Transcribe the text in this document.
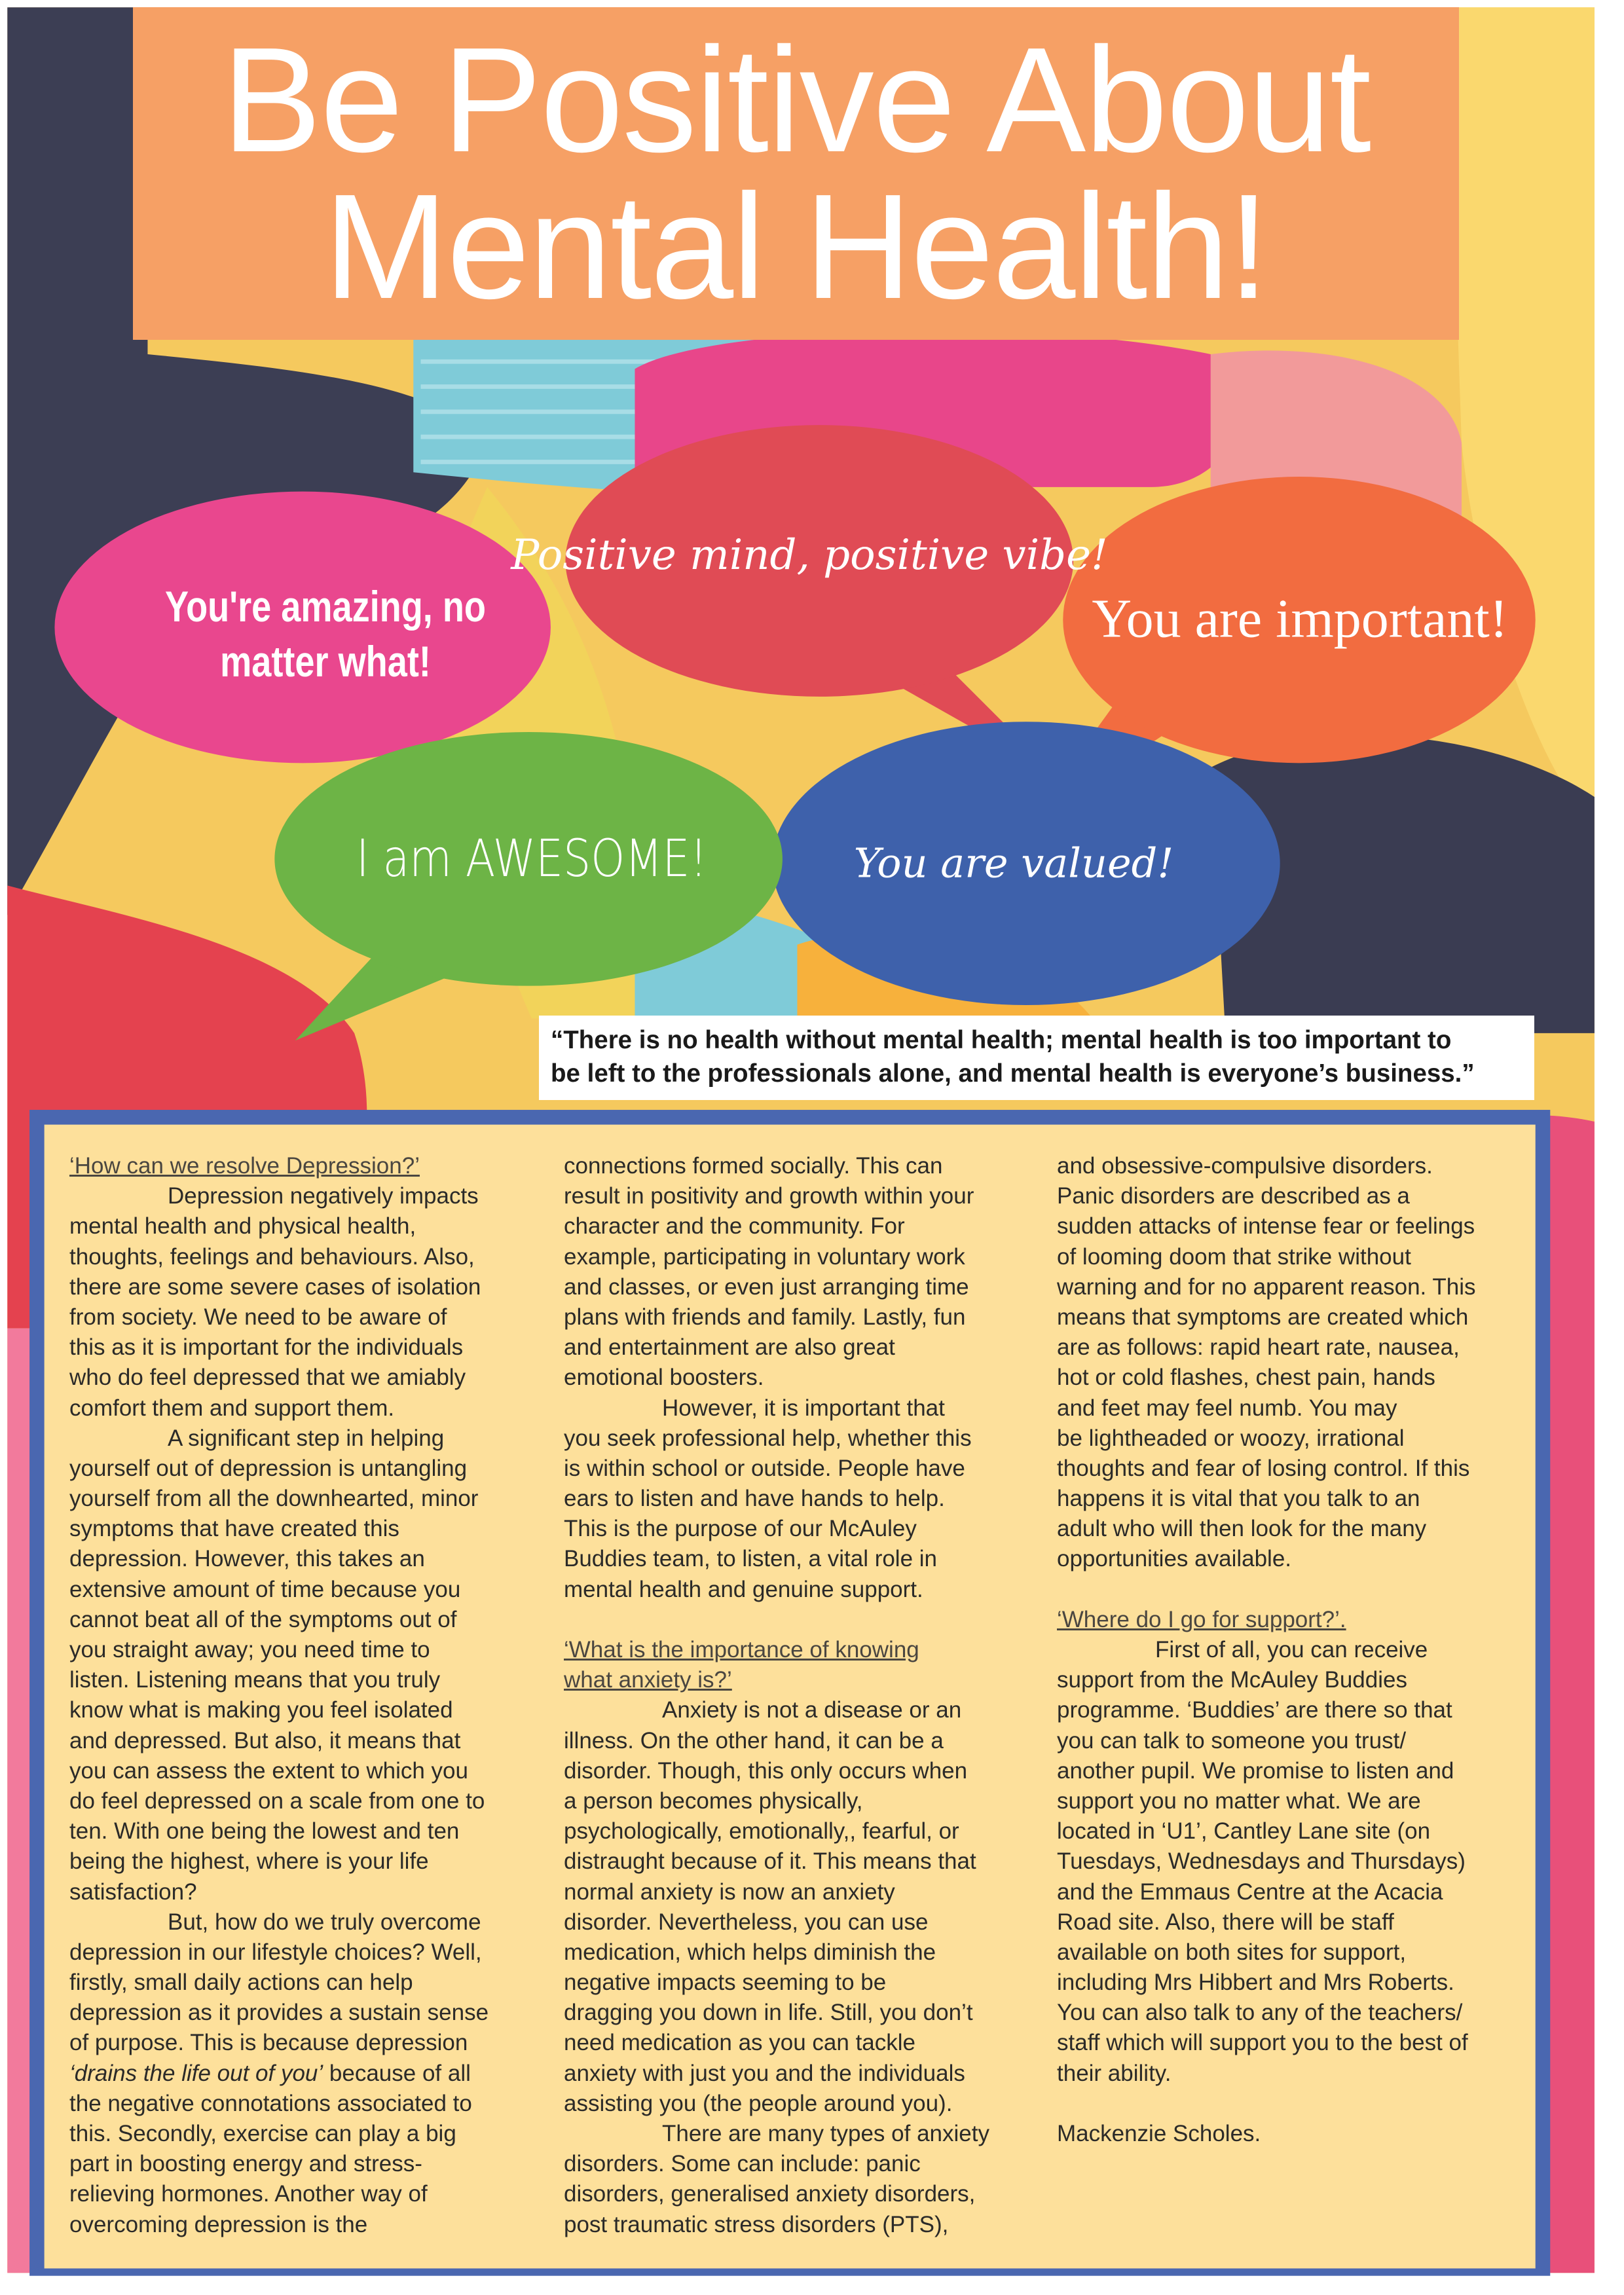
Be Positive About
Mental Health!
You're amazing, no
matter what!
Positive mind, positive vibe!
You are important!
I am AWESOME!	You are valued!
“There is no health without mental health; mental health is too important to
be left to the professionals alone, and mental health is everyone’s business.”
‘How can we resolve Depression?’
Depression negatively impacts
mental health and physical health,
thoughts, feelings and behaviours. Also,
there are some severe cases of isolation
from society. We need to be aware of
this as it is important for the individuals
who do feel depressed that we amiably
comfort them and support them.
A significant step in helping
yourself out of depression is untangling
yourself from all the downhearted, minor
symptoms that have created this
depression. However, this takes an
extensive amount of time because you
cannot beat all of the symptoms out of
you straight away; you need time to
listen. Listening means that you truly
know what is making you feel isolated
and depressed. But also, it means that
you can assess the extent to which you
do feel depressed on a scale from one to
ten. With one being the lowest and ten
being the highest, where is your life
satisfaction?
But, how do we truly overcome
depression in our lifestyle choices? Well,
firstly, small daily actions can help
depression as it provides a sustain sense
of purpose. This is because depression
‘drains the life out of you’ because of all
the negative connotations associated to
this. Secondly, exercise can play a big
part in boosting energy and stress-
relieving hormones. Another way of
overcoming depression is the
connections formed socially. This can
result in positivity and growth within your
character and the community. For
example, participating in voluntary work
and classes, or even just arranging time
plans with friends and family. Lastly, fun
and entertainment are also great
emotional boosters.
However, it is important that
you seek professional help, whether this
is within school or outside. People have
ears to listen and have hands to help.
This is the purpose of our McAuley
Buddies team, to listen, a vital role in
mental health and genuine support.
‘What is the importance of knowing
what anxiety is?’
Anxiety is not a disease or an
illness. On the other hand, it can be a
disorder. Though, this only occurs when
a person becomes physically,
psychologically, emotionally,, fearful, or
distraught because of it. This means that
normal anxiety is now an anxiety
disorder. Nevertheless, you can use
medication, which helps diminish the
negative impacts seeming to be
dragging you down in life. Still, you don’t
need medication as you can tackle
anxiety with just you and the individuals
assisting you (the people around you).
There are many types of anxiety
disorders. Some can include: panic
disorders, generalised anxiety disorders,
post traumatic stress disorders (PTS),
and obsessive-compulsive disorders.
Panic disorders are described as a
sudden attacks of intense fear or feelings
of looming doom that strike without
warning and for no apparent reason. This
means that symptoms are created which
are as follows: rapid heart rate, nausea,
hot or cold flashes, chest pain, hands
and feet may feel numb. You may
be lightheaded or woozy, irrational
thoughts and fear of losing control. If this
happens it is vital that you talk to an
adult who will then look for the many
opportunities available.
‘Where do I go for support?’.
First of all, you can receive
support from the McAuley Buddies
programme. ‘Buddies’ are there so that
you can talk to someone you trust/
another pupil. We promise to listen and
support you no matter what. We are
located in ‘U1’, Cantley Lane site (on
Tuesdays, Wednesdays and Thursdays)
and the Emmaus Centre at the Acacia
Road site. Also, there will be staff
available on both sites for support,
including Mrs Hibbert and Mrs Roberts.
You can also talk to any of the teachers/
staff which will support you to the best of
their ability.
Mackenzie Scholes.
